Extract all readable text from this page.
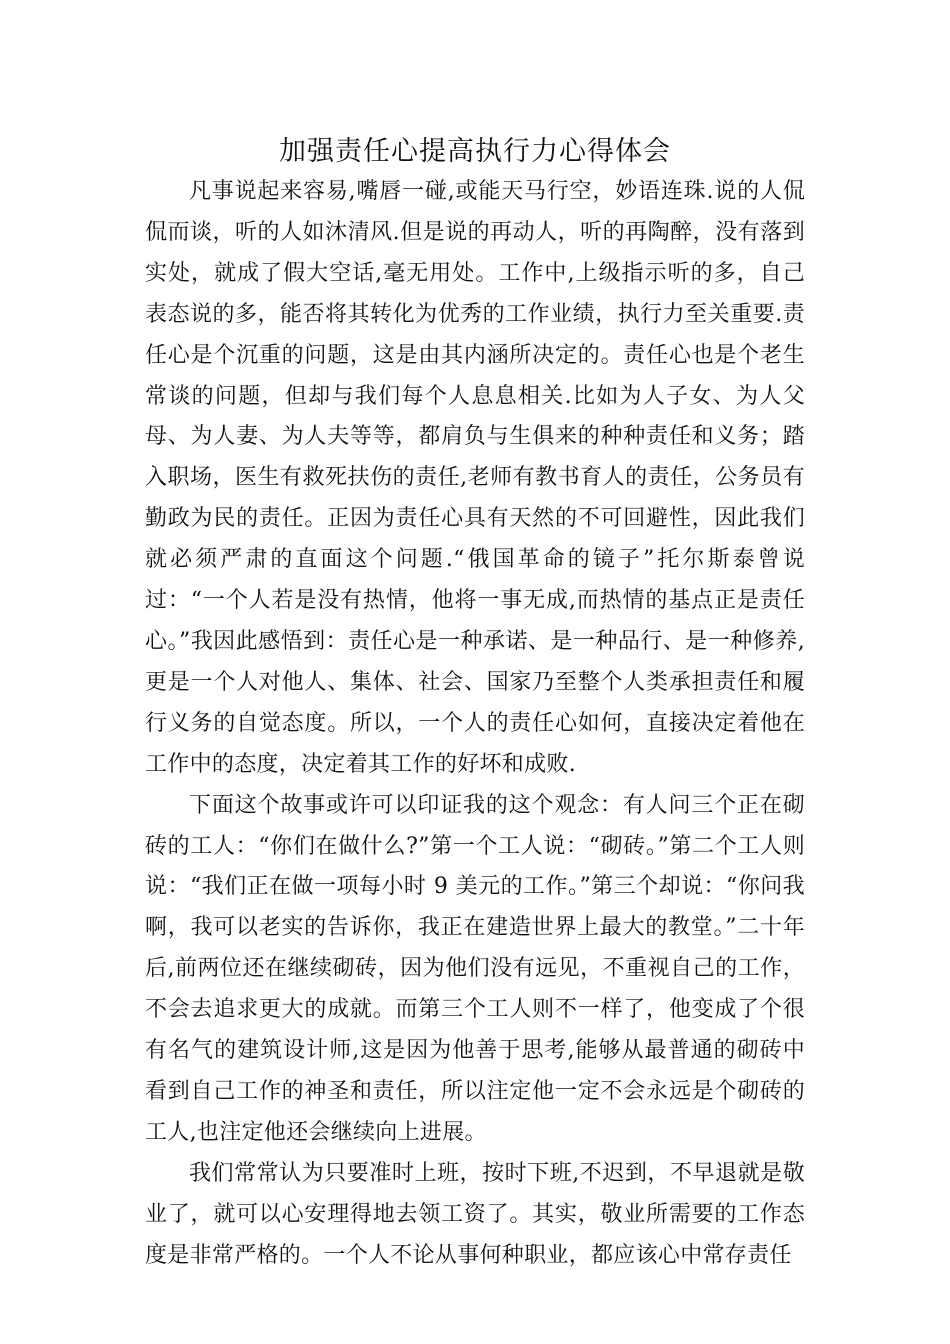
加强责任心提高执行力心得体会

凡事说起来容易,嘴唇一碰,或能天马行空，妙语连珠.说的人侃侃而谈，听的人如沐清风.但是说的再动人，听的再陶醉，没有落到实处，就成了假大空话,毫无用处。工作中,上级指示听的多，自己表态说的多，能否将其转化为优秀的工作业绩，执行力至关重要.责任心是个沉重的问题，这是由其内涵所决定的。责任心也是个老生常谈的问题，但却与我们每个人息息相关.比如为人子女、为人父母、为人妻、为人夫等等，都肩负与生俱来的种种责任和义务；踏入职场，医生有救死扶伤的责任,老师有教书育人的责任，公务员有勤政为民的责任。正因为责任心具有天然的不可回避性，因此我们就必须严肃的直面这个问题.“俄国革命的镜子”托尔斯泰曾说过：“一个人若是没有热情，他将一事无成,而热情的基点正是责任心。”我因此感悟到：责任心是一种承诺、是一种品行、是一种修养,更是一个人对他人、集体、社会、国家乃至整个人类承担责任和履行义务的自觉态度。所以，一个人的责任心如何，直接决定着他在工作中的态度，决定着其工作的好坏和成败.

下面这个故事或许可以印证我的这个观念：有人问三个正在砌砖的工人：“你们在做什么?”第一个工人说：“砌砖。”第二个工人则说：“我们正在做一项每小时 9 美元的工作。”第三个却说：“你问我啊，我可以老实的告诉你，我正在建造世界上最大的教堂。”二十年后,前两位还在继续砌砖，因为他们没有远见，不重视自己的工作，不会去追求更大的成就。而第三个工人则不一样了，他变成了个很有名气的建筑设计师,这是因为他善于思考,能够从最普通的砌砖中看到自己工作的神圣和责任，所以注定他一定不会永远是个砌砖的工人,也注定他还会继续向上进展。

我们常常认为只要准时上班，按时下班,不迟到，不早退就是敬业了，就可以心安理得地去领工资了。其实，敬业所需要的工作态度是非常严格的。一个人不论从事何种职业，都应该心中常存责任
